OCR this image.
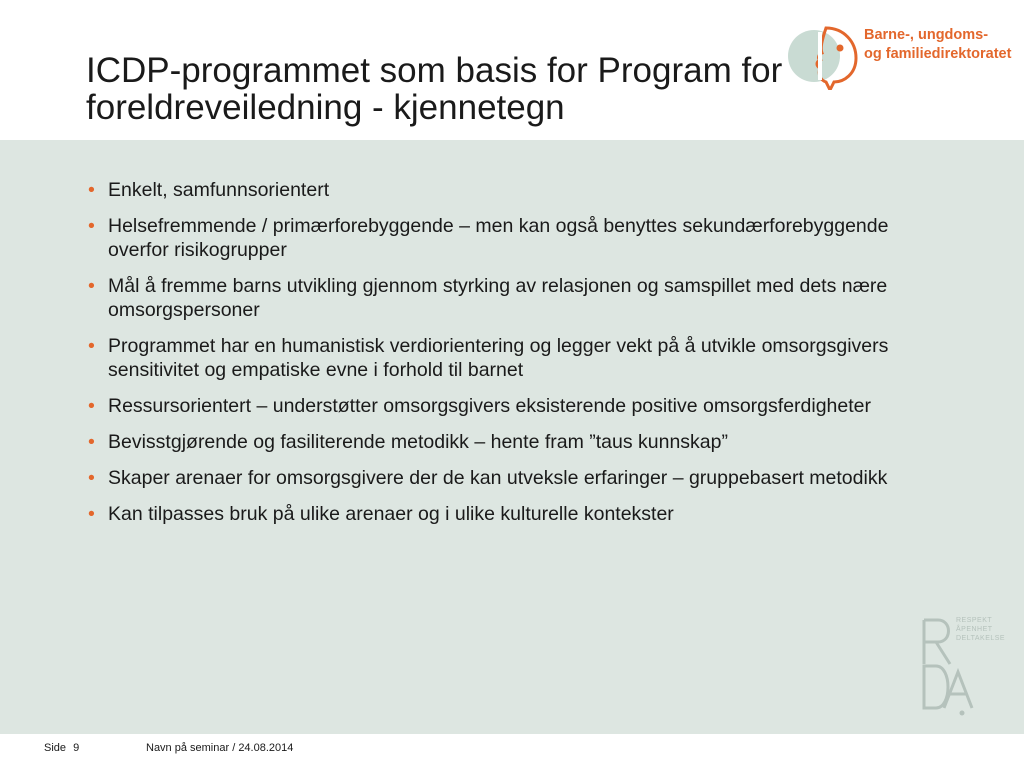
ICDP-programmet som basis for Program for
foreldreveiledning - kjennetegn
Barne-, ungdoms-
og familiedirektoratet
• Enkelt, samfunnsorientert
• Helsefremmende / primærforebyggende – men kan også benyttes sekundærforebyggende overfor risikogrupper
• Mål å fremme barns utvikling gjennom styrking av relasjonen og samspillet med dets nære omsorgspersoner
• Programmet har en humanistisk verdiorientering og legger vekt på å utvikle omsorgsgivers sensitivitet og empatiske evne i forhold til barnet
• Ressursorientert – understøtter omsorgsgivers eksisterende positive omsorgsferdigheter
• Bevisstgjørende og fasiliterende metodikk – hente fram ”taus kunnskap”
• Skaper arenaer for omsorgsgivere der de kan utveksle erfaringer – gruppebasert metodikk
• Kan tilpasses bruk på ulike arenaer og i ulike kulturelle kontekster
RESPEKT
ÅPENHET
DELTAKELSE
Side 9	Navn på seminar / 24.08.2014
